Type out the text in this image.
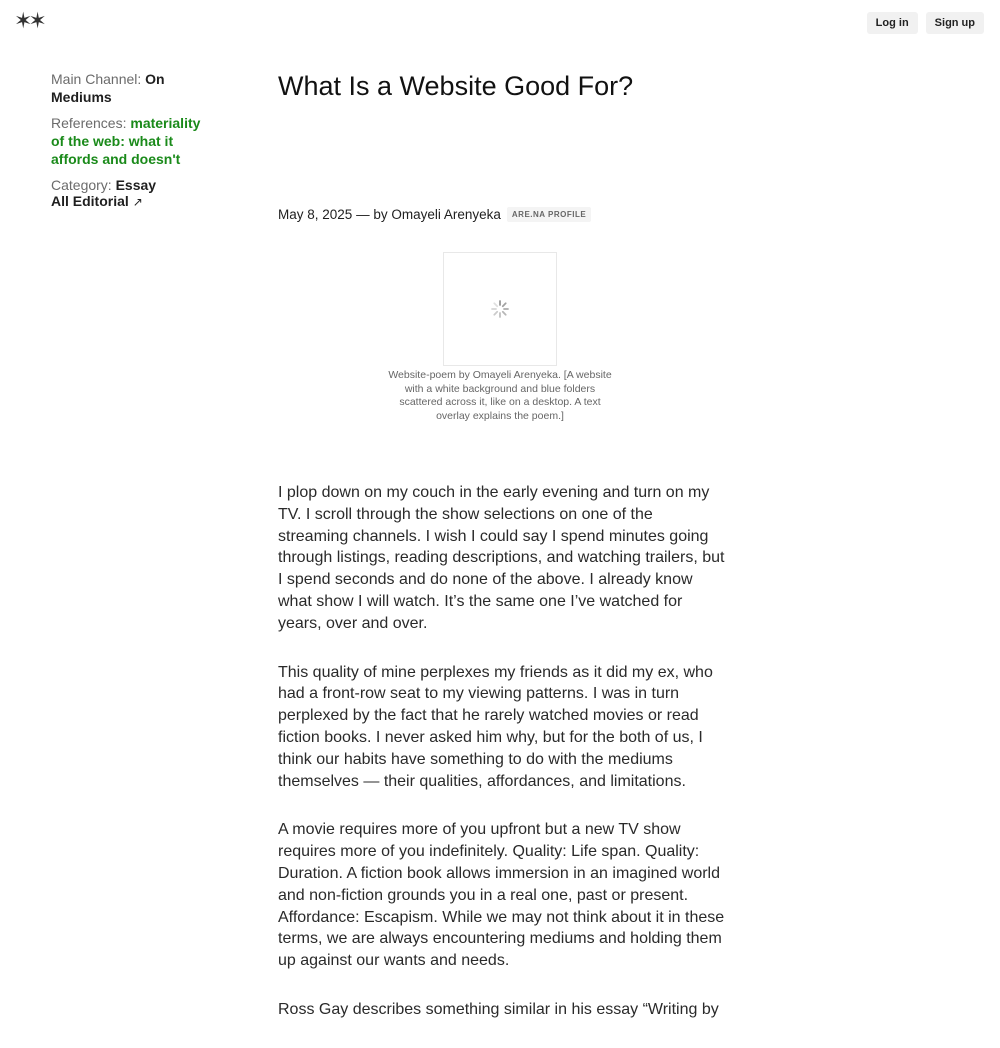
✶✶	Log in	Sign up
Main Channel: On Mediums
References: materiality of the web: what it affords and doesn't
Category: Essay
All Editorial ↗
What Is a Website Good For?
May 8, 2025
— by
Omayeli Arenyeka	ARE.NA PROFILE
Website-poem by Omayeli Arenyeka. [A website with a white background and blue folders scattered across it, like on a desktop. A text overlay explains the poem.]

I plop down on my couch in the early evening and turn on my TV. I scroll through the show selections on one of the streaming channels. I wish I could say I spend minutes going through listings, reading descriptions, and watching trailers, but I spend seconds and do none of the above. I already know what show I will watch. It’s the same one I’ve watched for years, over and over.

This quality of mine perplexes my friends as it did my ex, who had a front-row seat to my viewing patterns. I was in turn perplexed by the fact that he rarely watched movies or read fiction books. I never asked him why, but for the both of us, I think our habits have something to do with the mediums themselves — their qualities, affordances, and limitations.

A movie requires more of you upfront but a new TV show requires more of you indefinitely. Quality: Life span. Quality: Duration. A fiction book allows immersion in an imagined world and non-fiction grounds you in a real one, past or present. Affordance: Escapism. While we may not think about it in these terms, we are always encountering mediums and holding them up against our wants and needs.

Ross Gay describes something similar in his essay “Writing by
